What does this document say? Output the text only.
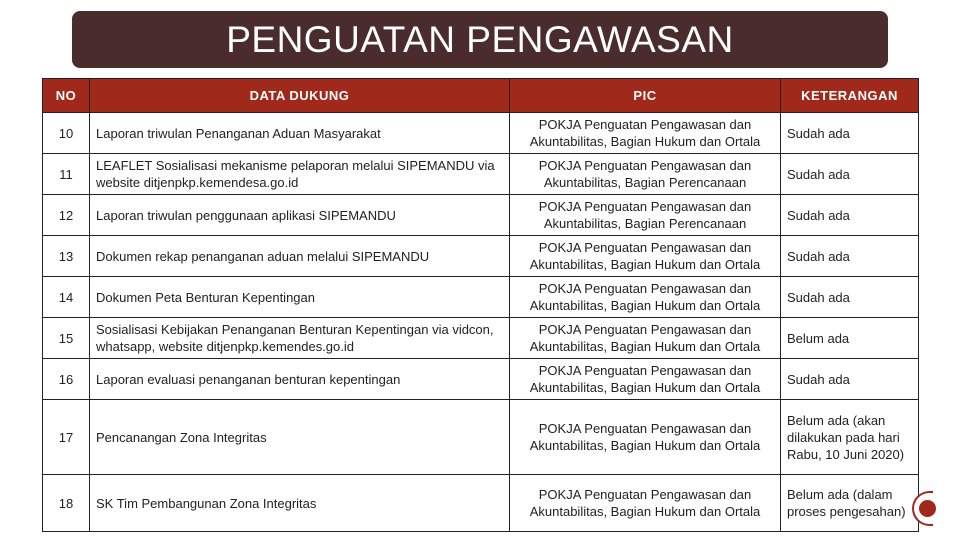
PENGUATAN PENGAWASAN
NO	DATA DUKUNG	PIC	KETERANGAN
10	Laporan triwulan Penanganan Aduan Masyarakat	POKJA Penguatan Pengawasan dan Akuntabilitas, Bagian Hukum dan Ortala	Sudah ada
11	LEAFLET Sosialisasi mekanisme pelaporan melalui SIPEMANDU via website ditjenpkp.kemendesa.go.id	POKJA Penguatan Pengawasan dan Akuntabilitas, Bagian Perencanaan	Sudah ada
12	Laporan triwulan penggunaan aplikasi SIPEMANDU	POKJA Penguatan Pengawasan dan Akuntabilitas, Bagian Perencanaan	Sudah ada
13	Dokumen rekap penanganan aduan melalui SIPEMANDU	POKJA Penguatan Pengawasan dan Akuntabilitas, Bagian Hukum dan Ortala	Sudah ada
14	Dokumen Peta Benturan Kepentingan	POKJA Penguatan Pengawasan dan Akuntabilitas, Bagian Hukum dan Ortala	Sudah ada
15	Sosialisasi Kebijakan Penanganan Benturan Kepentingan via vidcon, whatsapp, website ditjenpkp.kemendes.go.id	POKJA Penguatan Pengawasan dan Akuntabilitas, Bagian Hukum dan Ortala	Belum ada
16	Laporan evaluasi penanganan benturan kepentingan	POKJA Penguatan Pengawasan dan Akuntabilitas, Bagian Hukum dan Ortala	Sudah ada
17	Pencanangan Zona Integritas	POKJA Penguatan Pengawasan dan Akuntabilitas, Bagian Hukum dan Ortala	Belum ada (akan dilakukan pada hari Rabu, 10 Juni 2020)
18	SK Tim Pembangunan Zona Integritas	POKJA Penguatan Pengawasan dan Akuntabilitas, Bagian Hukum dan Ortala	Belum ada (dalam proses pengesahan)
